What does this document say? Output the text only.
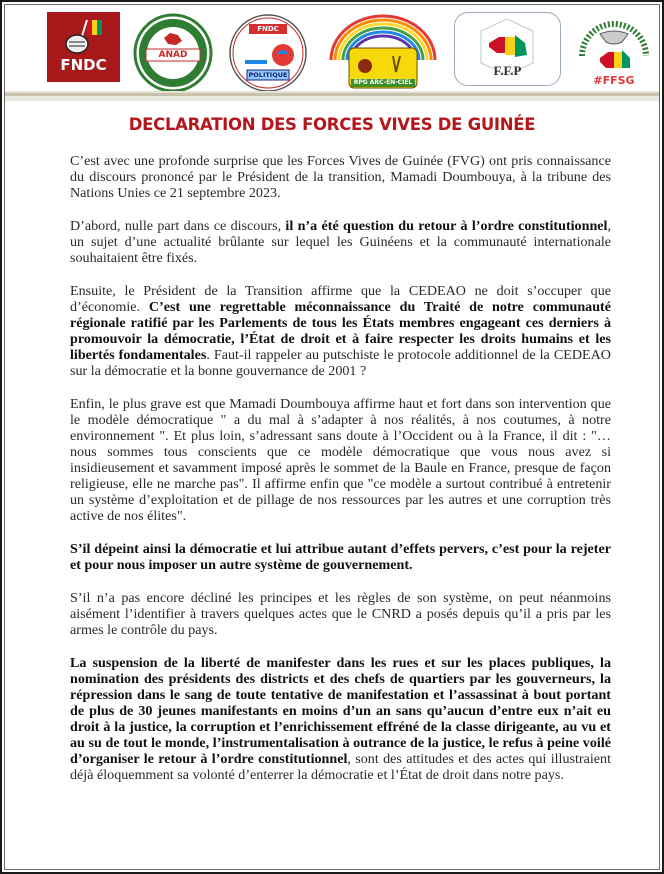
FNDC
ANAD
FNDC
POLITIQUE
RPG ARC-EN-CIEL
F.F.P
#FFSG
DECLARATION DES FORCES VIVES DE GUINÉE

C’est avec une profonde surprise que les Forces Vives de Guinée (FVG) ont pris connaissance du discours prononcé par le Président de la transition, Mamadi Doumbouya, à la tribune des Nations Unies ce 21 septembre 2023.

D’abord, nulle part dans ce discours, il n’a été question du retour à l’ordre constitutionnel, un sujet d’une actualité brûlante sur lequel les Guinéens et la communauté internationale souhaitaient être fixés.

Ensuite, le Président de la Transition affirme que la CEDEAO ne doit s’occuper que d’économie. C’est une regrettable méconnaissance du Traité de notre communauté régionale ratifié par les Parlements de tous les États membres engageant ces derniers à promouvoir la démocratie, l’État de droit et à faire respecter les droits humains et les libertés fondamentales. Faut-il rappeler au putschiste le protocole additionnel de la CEDEAO sur la démocratie et la bonne gouvernance de 2001 ?

Enfin, le plus grave est que Mamadi Doumbouya affirme haut et fort dans son intervention que le modèle démocratique " a du mal à s’adapter à nos réalités, à nos coutumes, à notre environnement ". Et plus loin, s’adressant sans doute à l’Occident ou à la France, il dit : "…nous sommes tous conscients que ce modèle démocratique que vous nous avez si insidieusement et savamment imposé après le sommet de la Baule en France, presque de façon religieuse, elle ne marche pas". Il affirme enfin que "ce modèle a surtout contribué à entretenir un système d’exploitation et de pillage de nos ressources par les autres et une corruption très active de nos élites".

S’il dépeint ainsi la démocratie et lui attribue autant d’effets pervers, c’est pour la rejeter et pour nous imposer un autre système de gouvernement.

S’il n’a pas encore décliné les principes et les règles de son système, on peut néanmoins aisément l’identifier à travers quelques actes que le CNRD a posés depuis qu’il a pris par les armes le contrôle du pays.

La suspension de la liberté de manifester dans les rues et sur les places publiques, la nomination des présidents des districts et des chefs de quartiers par les gouverneurs, la répression dans le sang de toute tentative de manifestation et l’assassinat à bout portant de plus de 30 jeunes manifestants en moins d’un an sans qu’aucun d’entre eux n’ait eu droit à la justice, la corruption et l’enrichissement effréné de la classe dirigeante, au vu et au su de tout le monde, l’instrumentalisation à outrance de la justice, le refus à peine voilé d’organiser le retour à l’ordre constitutionnel, sont des attitudes et des actes qui illustraient déjà éloquemment sa volonté d’enterrer la démocratie et l’État de droit dans notre pays.
